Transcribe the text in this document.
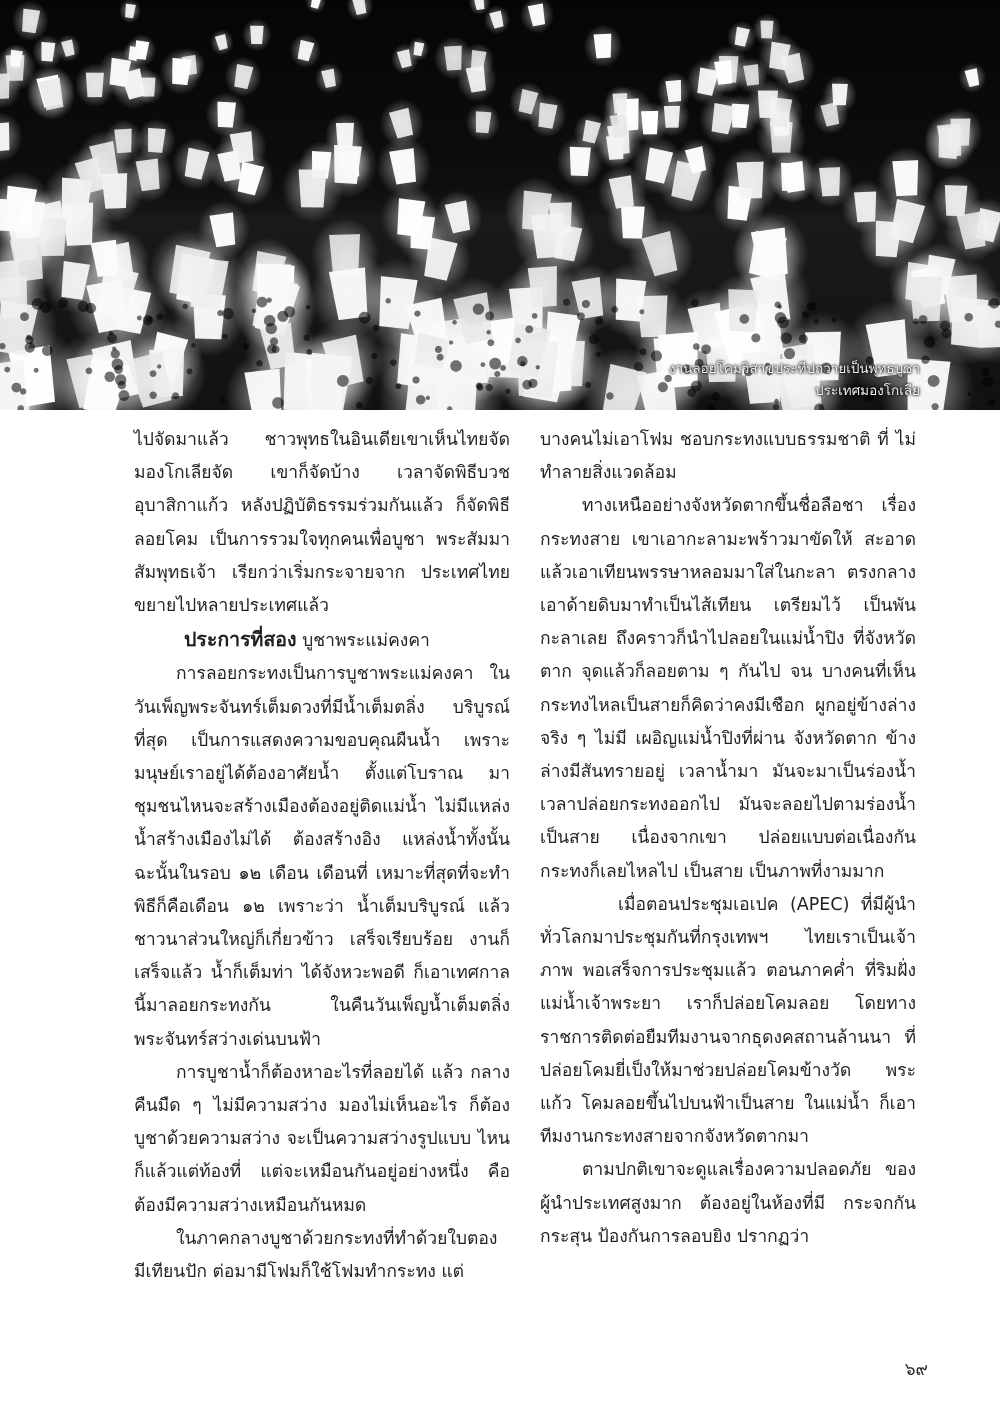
งานลอยโคมวิสาขประทีปถวายเป็นพุทธบูชา
ประเทศมองโกเลีย

ไปจัดมาแล้ว ชาวพุทธในอินเดียเขาเห็นไทยจัด มองโกเลียจัด เขาก็จัดบ้าง เวลาจัดพิธีบวช อุบาสิกาแก้ว หลังปฏิบัติธรรมร่วมกันแล้ว ก็จัดพิธีลอยโคม เป็นการรวมใจทุกคนเพื่อบูชา พระสัมมาสัมพุทธเจ้า เรียกว่าเริ่มกระจายจาก ประเทศไทยขยายไปหลายประเทศแล้ว

ประการที่สอง บูชาพระแม่คงคา

การลอยกระทงเป็นการบูชาพระแม่คงคา ในวันเพ็ญพระจันทร์เต็มดวงที่มีน้ำเต็มตลิ่ง บริบูรณ์ที่สุด เป็นการแสดงความขอบคุณผืนน้ำ เพราะมนุษย์เราอยู่ได้ต้องอาศัยน้ำ ตั้งแต่โบราณ มา ชุมชนไหนจะสร้างเมืองต้องอยู่ติดแม่น้ำ ไม่มีแหล่งน้ำสร้างเมืองไม่ได้ ต้องสร้างอิง แหล่งน้ำทั้งนั้น ฉะนั้นในรอบ ๑๒ เดือน เดือนที่ เหมาะที่สุดที่จะทำพิธีก็คือเดือน ๑๒ เพราะว่า น้ำเต็มบริบูรณ์ แล้วชาวนาส่วนใหญ่ก็เกี่ยวข้าว เสร็จเรียบร้อย งานก็เสร็จแล้ว น้ำก็เต็มท่า ได้จังหวะพอดี ก็เอาเทศกาลนี้มาลอยกระทงกัน ในคืนวันเพ็ญน้ำเต็มตลิ่งพระจันทร์สว่างเด่นบนฟ้า

การบูชาน้ำก็ต้องหาอะไรที่ลอยได้ แล้ว กลางคืนมืด ๆ ไม่มีความสว่าง มองไม่เห็นอะไร ก็ต้องบูชาด้วยความสว่าง จะเป็นความสว่างรูปแบบ ไหนก็แล้วแต่ท้องที่ แต่จะเหมือนกันอยู่อย่างหนึ่ง คือต้องมีความสว่างเหมือนกันหมด

ในภาคกลางบูชาด้วยกระทงที่ทำด้วยใบตอง มีเทียนปัก ต่อมามีโฟมก็ใช้โฟมทำกระทง แต่

บางคนไม่เอาโฟม ชอบกระทงแบบธรรมชาติ ที่ ไม่ทำลายสิ่งแวดล้อม

ทางเหนืออย่างจังหวัดตากขึ้นชื่อลือชา เรื่องกระทงสาย เขาเอากะลามะพร้าวมาขัดให้ สะอาด แล้วเอาเทียนพรรษาหลอมมาใส่ในกะลา ตรงกลางเอาด้ายดิบมาทำเป็นไส้เทียน เตรียมไว้ เป็นพันกะลาเลย ถึงคราวก็นำไปลอยในแม่น้ำปิง ที่จังหวัดตาก จุดแล้วก็ลอยตาม ๆ กันไป จน บางคนที่เห็นกระทงไหลเป็นสายก็คิดว่าคงมีเชือก ผูกอยู่ข้างล่าง จริง ๆ ไม่มี เผอิญแม่น้ำปิงที่ผ่าน จังหวัดตาก ข้างล่างมีสันทรายอยู่ เวลาน้ำมา มันจะมาเป็นร่องน้ำ เวลาปล่อยกระทงออกไป มันจะลอยไปตามร่องน้ำเป็นสาย เนื่องจากเขา ปล่อยแบบต่อเนื่องกัน กระทงก็เลยไหลไป เป็นสาย เป็นภาพที่งามมาก

เมื่อตอนประชุมเอเปค (APEC) ที่มีผู้นำ ทั่วโลกมาประชุมกันที่กรุงเทพฯ ไทยเราเป็นเจ้าภาพ พอเสร็จการประชุมแล้ว ตอนภาคค่ำ ที่ริมฝั่ง แม่น้ำเจ้าพระยา เราก็ปล่อยโคมลอย โดยทาง ราชการติดต่อยืมทีมงานจากธุดงคสถานล้านนา ที่ปล่อยโคมยี่เป็งให้มาช่วยปล่อยโคมข้างวัด พระแก้ว โคมลอยขึ้นไปบนฟ้าเป็นสาย ในแม่น้ำ ก็เอาทีมงานกระทงสายจากจังหวัดตากมา

ตามปกติเขาจะดูแลเรื่องความปลอดภัย ของผู้นำประเทศสูงมาก ต้องอยู่ในห้องที่มี กระจกกันกระสุน ป้องกันการลอบยิง ปรากฏว่า

๖๙
